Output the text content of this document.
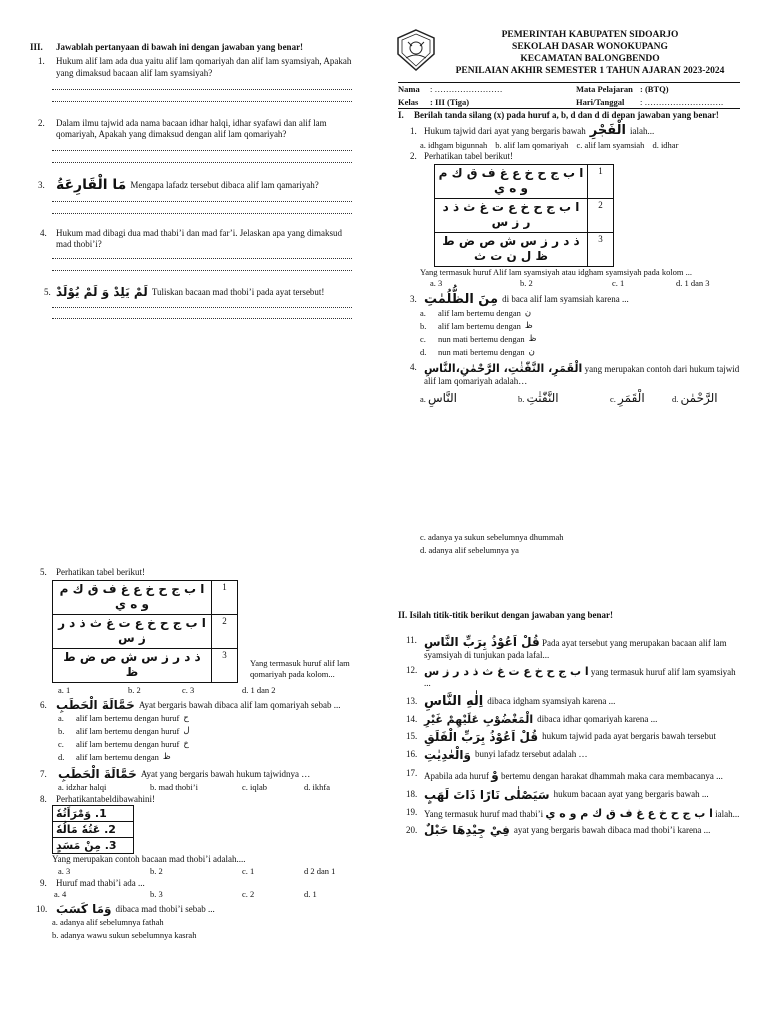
III.	Jawablah pertanyaan di bawah ini dengan jawaban yang benar!
1.	Hukum alif lam ada dua yaitu alif lam qomariyah dan alif lam syamsiyah, Apakah yang dimaksud bacaan alif lam syamsiyah?
2.	Dalam ilmu tajwid ada nama bacaan idhar halqi, idhar syafawi dan alif lam qomariyah, Apakah yang dimaksud dengan alif lam qomariyah?
3. مَا الْقَارِعَةُ Mengapa lafadz tersebut dibaca alif lam qamariyah?
4.	Hukum mad dibagi dua mad thabi’i dan mad far’i. Jelaskan apa yang dimaksud mad thobi’i?
5. لَمْ يَلِدْ وَ لَمْ يُوْلَدْ Tuliskan bacaan mad thobi’i pada ayat tersebut!
PEMERINTAH KABUPATEN SIDOARJO
SEKOLAH DASAR WONOKUPANG
KECAMATAN BALONGBENDO
PENILAIAN AKHIR SEMESTER 1 TAHUN AJARAN 2023-2024
Nama	: ……………………	Mata Pelajaran : (BTQ)
Kelas	: III (Tiga)	Hari/Tanggal	: ……………………….
I.	Berilah tanda silang (x) pada huruf a, b, d dan d di depan jawaban yang benar!
1. Hukum tajwid dari ayat yang bergaris bawah الْفَجْرِ ialah...
a. idhgam bigunnah b. alif lam qomariyah c. alif lam syamsiah d. idhar
2. Perhatikan tabel berikut!
ا ب ج ح خ ع غ ف ق ك م و ه ي	1
ا ب ج ح خ ع ت غ ث ذ د ر ز س	2
ذ د ر ز س ش ص ض ط ظ ل ن ت ث	3
Yang termasuk huruf Alif lam syamsiyah atau idgham syamsiyah pada kolom ...
a. 3	b. 2	c. 1	d. 1 dan 3
3. مِنَ الظُّلُمٰتِ di baca alif lam syamsiah karena ...
a.	alif lam bertemu dengan ن
b.	alif lam bertemu dengan ظ
c.	nun mati bertemu dengan ظ
d.	nun mati bertemu dengan ن
4. الْقَمَرِ، النَّفّٰثٰتِ، الرَّحْمٰنِ،النَّاسِ yang merupakan contoh dari hukum tajwid alif lam qomariyah adalah…
a. النَّاسِ	b. النَّفّٰثٰتِ	c. الْقَمَرِ	d. الرَّحْمٰن
c. adanya ya sukun sebelumnya dhummah
d. adanya alif sebelumnya ya
5.	Perhatikan tabel berikut!
ا ب ج ح خ ع غ ف ق ك م و ه ي	1
ا ب ج ح خ ع ت غ ث ذ د ر ز س	2
ذ د ر ز س ش ص ض ط ظ	3
Yang termasuk huruf alif lam qomariyah pada kolom...
a. 1	b. 2	c. 3	d. 1 dan 2
6. حَمَّالَةَ الْحَطَبِ Ayat bergaris bawah dibaca alif lam qomariyah sebab ...
a.	alif lam bertemu dengan huruf ح
b.	alif lam bertemu dengan huruf ل
c.	alif lam bertemu dengan huruf خ
d.	alif lam bertemu dengan ظ
7. حَمَّالَةَ الْحَطَبِ Ayat yang bergaris bawah hukum tajwidnya …
a. idzhar halqi	b. mad thobi’i	c. iqlab	d. ikhfa
8.	Perhatikantabeldibawahini!
1. وَمْرَاَتُهٗ
2. عَتُهٗ مَالُهٗ
3. مِنْ مَسَدٍ
Yang merupakan contoh bacaan mad thobi’i adalah....
a. 3	b. 2	c. 1	d 2 dan 1
9.	Huruf mad thabi’i ada ...
a. 4	b. 3	c. 2	d. 1
10. وَمَا كَسَبَ dibaca mad thobi’i sebab ...
a. adanya alif sebelumnya fathah
b. adanya wawu sukun sebelumnya kasrah
II. Isilah titik-titik berikut dengan jawaban yang benar!
11. قُلْ اَعُوْذُ بِرَبِّ النَّاسِ Pada ayat tersebut yang merupakan bacaan alif lam syamsiyah di tunjukan pada lafal...
12. ا ب ج ح خ ع ت غ ث ذ د ر ز س yang termasuk huruf alif lam syamsiyah ...
13. اِلٰهِ النَّاسِ dibaca idgham syamsiyah karena ...
14. الْمَغْضُوْبِ عَلَيْهِمْ غَيْرِ dibaca idhar qomariyah karena ...
15. قُلْ اَعُوْذُ بِرَبِّ الْفَلَقِ hukum tajwid pada ayat bergaris bawah tersebut
16. وَالْعٰدِيٰتِ bunyi lafadz tersebut adalah …
17. Apabila ada huruf وْ bertemu dengan harakat dhammah maka cara membacanya ...
18. سَيَصْلٰى نَارًا ذَاتَ لَهَبٍ hukum bacaan ayat yang bergaris bawah ...
19. Yang termasuk huruf mad thabi’i ا ب ج ح خ ع غ ف ق ك م و ه ي ialah...
20. فِيْ جِيْدِهَا حَبْلٌ ayat yang bergaris bawah dibaca mad thobi’i karena ...
